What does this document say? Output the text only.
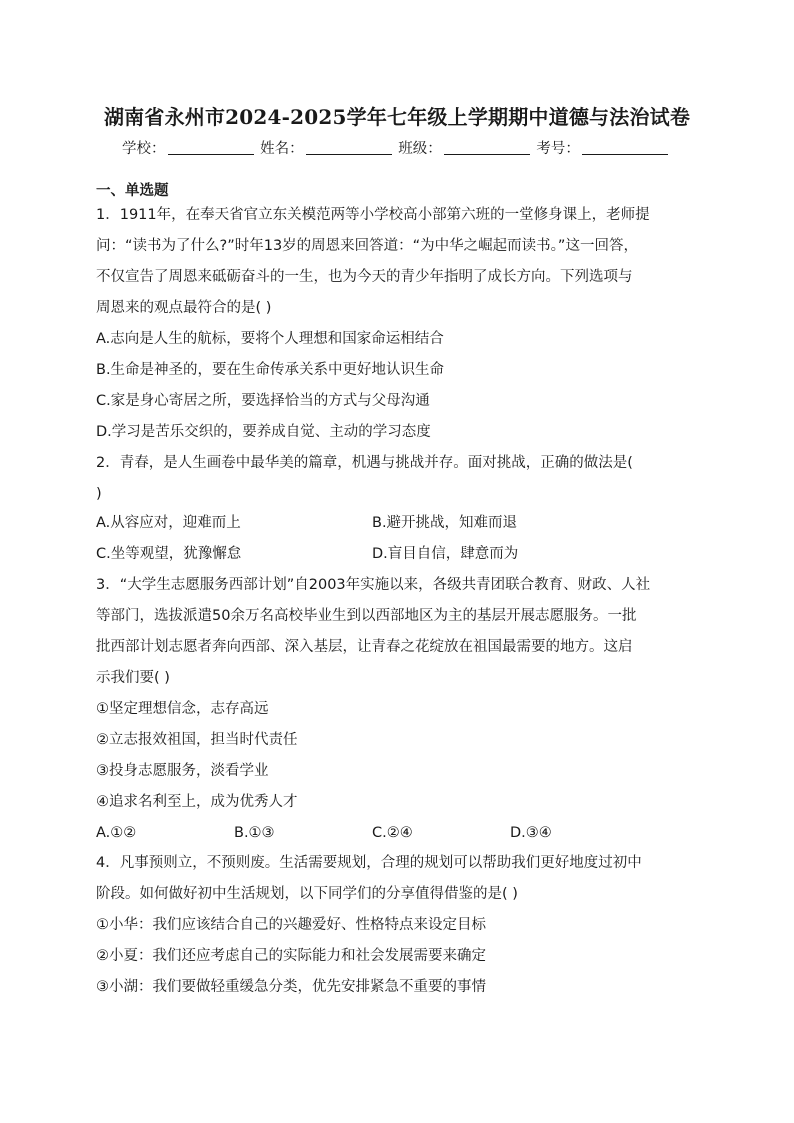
湖南省永州市2024-2025学年七年级上学期期中道德与法治试卷
学校：	姓名：	班级：	考号：
一、单选题
1．1911年，在奉天省官立东关模范两等小学校高小部第六班的一堂修身课上，老师提
问：“读书为了什么?”时年13岁的周恩来回答道：“为中华之崛起而读书。”这一回答，
不仅宣告了周恩来砥砺奋斗的一生，也为今天的青少年指明了成长方向。下列选项与
周恩来的观点最符合的是( )
A.志向是人生的航标，要将个人理想和国家命运相结合
B.生命是神圣的，要在生命传承关系中更好地认识生命
C.家是身心寄居之所，要选择恰当的方式与父母沟通
D.学习是苦乐交织的，要养成自觉、主动的学习态度
2．青春，是人生画卷中最华美的篇章，机遇与挑战并存。面对挑战，正确的做法是(
)
A.从容应对，迎难而上	B.避开挑战，知难而退
C.坐等观望，犹豫懈怠	D.盲目自信，肆意而为
3．“大学生志愿服务西部计划”自2003年实施以来，各级共青团联合教育、财政、人社
等部门，选拔派遣50余万名高校毕业生到以西部地区为主的基层开展志愿服务。一批
批西部计划志愿者奔向西部、深入基层，让青春之花绽放在祖国最需要的地方。这启
示我们要( )
①坚定理想信念，志存高远
②立志报效祖国，担当时代责任
③投身志愿服务，淡看学业
④追求名利至上，成为优秀人才
A.①②	B.①③	C.②④	D.③④
4．凡事预则立，不预则废。生活需要规划，合理的规划可以帮助我们更好地度过初中
阶段。如何做好初中生活规划，以下同学们的分享值得借鉴的是( )
①小华：我们应该结合自己的兴趣爱好、性格特点来设定目标
②小夏：我们还应考虑自己的实际能力和社会发展需要来确定
③小湖：我们要做轻重缓急分类，优先安排紧急不重要的事情
